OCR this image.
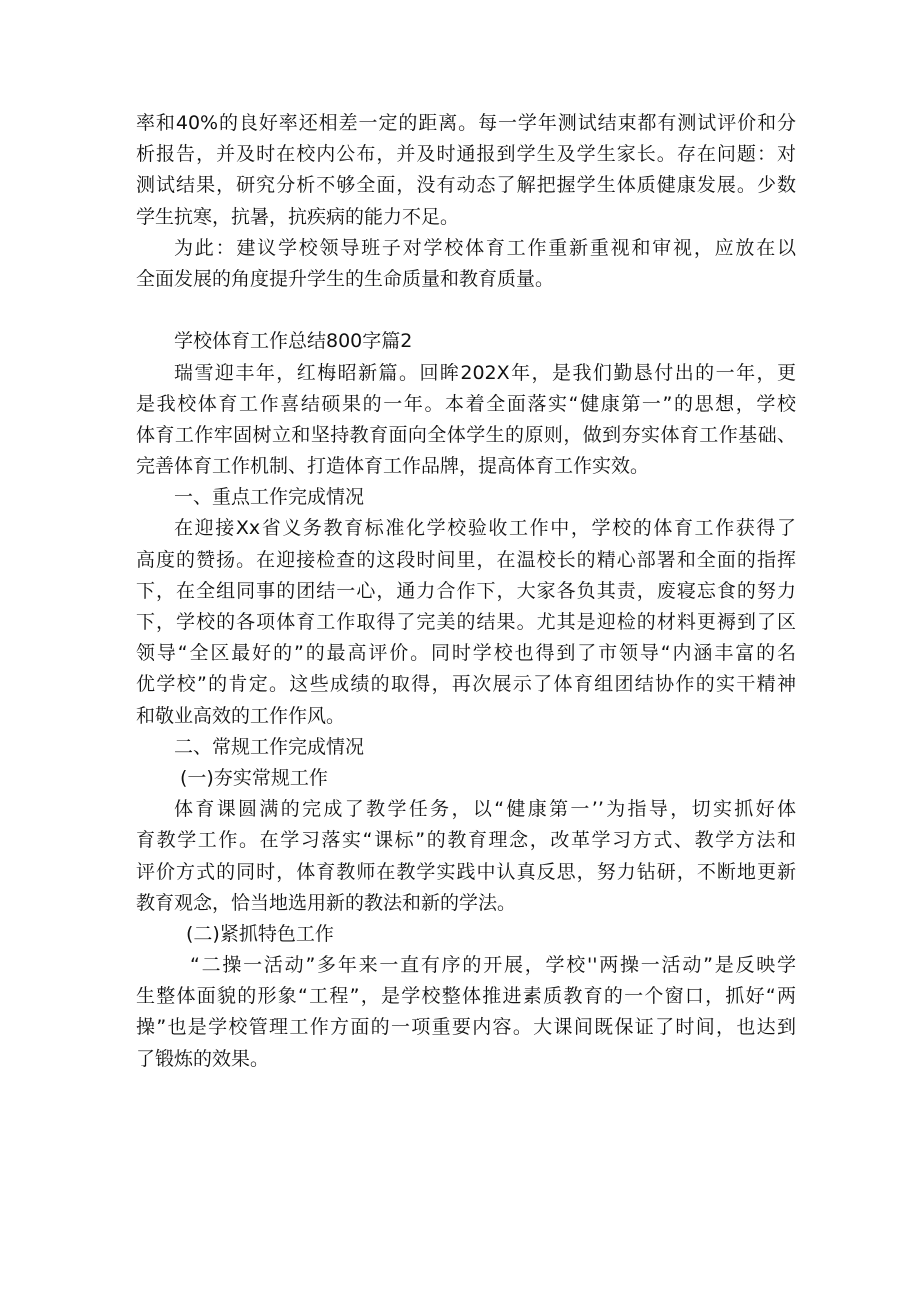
率和40%的良好率还相差一定的距离。每一学年测试结束都有测试评价和分
析报告，并及时在校内公布，并及时通报到学生及学生家长。存在问题：对
测试结果，研究分析不够全面，没有动态了解把握学生体质健康发展。少数
学生抗寒，抗暑，抗疾病的能力不足。
为此：建议学校领导班子对学校体育工作重新重视和审视，应放在以
全面发展的角度提升学生的生命质量和教育质量。
学校体育工作总结800字篇2
瑞雪迎丰年，红梅昭新篇。回眸202X年，是我们勤恳付出的一年，更
是我校体育工作喜结硕果的一年。本着全面落实“健康第一”的思想，学校
体育工作牢固树立和坚持教育面向全体学生的原则，做到夯实体育工作基础、
完善体育工作机制、打造体育工作品牌，提高体育工作实效。
一、重点工作完成情况
在迎接Xx省义务教育标准化学校验收工作中，学校的体育工作获得了
高度的赞扬。在迎接检查的这段时间里，在温校长的精心部署和全面的指挥
下，在全组同事的团结一心，通力合作下，大家各负其责，废寝忘食的努力
下，学校的各项体育工作取得了完美的结果。尤其是迎检的材料更褥到了区
领导“全区最好的”的最高评价。同时学校也得到了市领导“内涵丰富的名
优学校”的肯定。这些成绩的取得，再次展示了体育组团结协作的实干精神
和敬业高效的工作作风。
二、常规工作完成情况
(一)夯实常规工作
体育课圆满的完成了教学任务，以“健康第一’’为指导，切实抓好体
育教学工作。在学习落实“课标”的教育理念，改革学习方式、教学方法和
评价方式的同时，体育教师在教学实践中认真反思，努力钻研，不断地更新
教育观念，恰当地选用新的教法和新的学法。
(二)紧抓特色工作
“二操一活动”多年来一直有序的开展，学校''两操一活动”是反映学
生整体面貌的形象“工程”，是学校整体推进素质教育的一个窗口，抓好“两
操”也是学校管理工作方面的一项重要内容。大课间既保证了时间，也达到
了锻炼的效果。
